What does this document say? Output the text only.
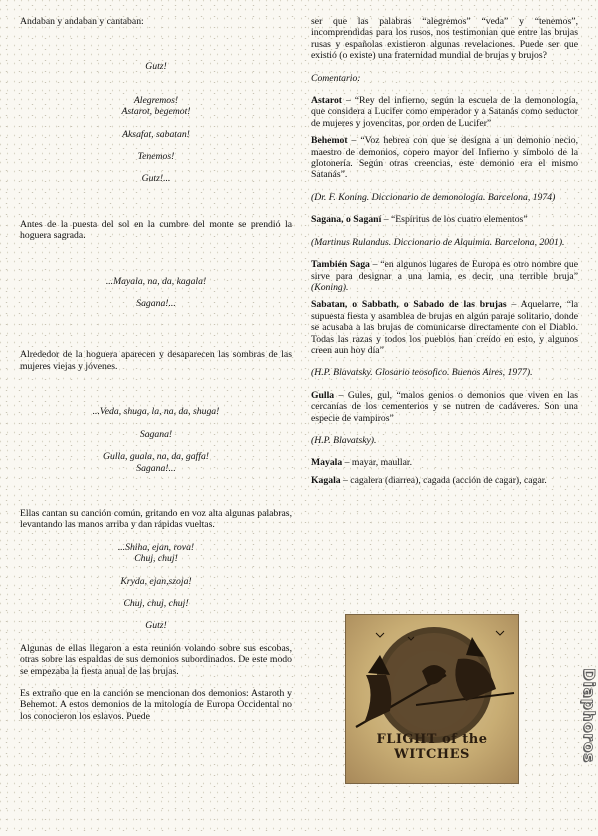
Andaban y andaban y cantaban:

Gutz!

Alegremos!

Astarot, begemot!

Aksafat, sabatan!

Tenemos!

Gutz!...

Antes de la puesta del sol en la cumbre del monte se prendió la hoguera sagrada.

...Mayala, na, da, kagala!

Sagana!...

Alrededor de la hoguera aparecen y desaparecen las sombras de las mujeres viejas y jóvenes.

...Veda, shuga, la, na, da, shuga!

Sagana!

Gulla, guala, na, da, gaffa!

Sagana!...

Ellas cantan su canción común, gritando en voz alta algunas palabras, levantando las manos arriba y dan rápidas vueltas.

...Shiha, ejan, rova!

Chuj, chuj!

Kryda, ejan,szoja!

Chuj, chuj, chuj!

Gutz!

Algunas de ellas llegaron a esta reunión volando sobre sus escobas, otras sobre las espaldas de sus demonios subordinados. De este modo se empezaba la fiesta anual de las brujas.

Es extraño que en la canción se mencionan dos demonios: Astaroth y Behemot. A estos demonios de la mitología de Europa Occidental no los conocieron los eslavos. Puede

ser que las palabras “alegremos” “veda” y “tenemos”, incomprendidas para los rusos, nos testimonian que entre las brujas rusas y españolas existieron algunas revelaciones. Puede ser que existió (o existe) una fraternidad mundial de brujas y brujos?

Comentario:

Astarot – “Rey del infierno, según la escuela de la demonología, que considera a Lucifer como emperador y a Satanás como seductor de mujeres y jovencitas, por orden de Lucifer”

Behemot – “Voz hebrea con que se designa a un demonio necio, maestro de demonios, copero mayor del Infierno y símbolo de la glotonería. Según otras creencias, este demonio era el mismo Satanás”.

(Dr. F. Koning. Diccionario de demonología. Barcelona, 1974)

Sagana, o Saganí – “Espíritus de los cuatro elementos”

(Martinus Rulandus. Diccionario de Alquimia. Barcelona, 2001).

También Saga – “en algunos lugares de Europa es otro nombre que sirve para designar a una lamia, es decir, una terrible bruja” (Koning).

Sabatan, o Sabbath, o Sabado de las brujas – Aquelarre, “la supuesta fiesta y asamblea de brujas en algún paraje solitario, donde se acusaba a las brujas de comunicarse directamente con el Diablo. Todas las razas y todos los pueblos han creído en esto, y algunos creen aun hoy día”

(H.P. Blavatsky. Glosario teosofico. Buenos Aires, 1977).

Gulla – Gules, gul, “malos genios o demonios que viven en las cercanías de los cementerios y se nutren de cadáveres. Son una especie de vampiros”

(H.P. Blavatsky).

Mayala – mayar, maullar.

Kagala – cagalera (diarrea), cagada (acción de cagar), cagar.

FLIGHT of the WITCHES	Diaphoros
